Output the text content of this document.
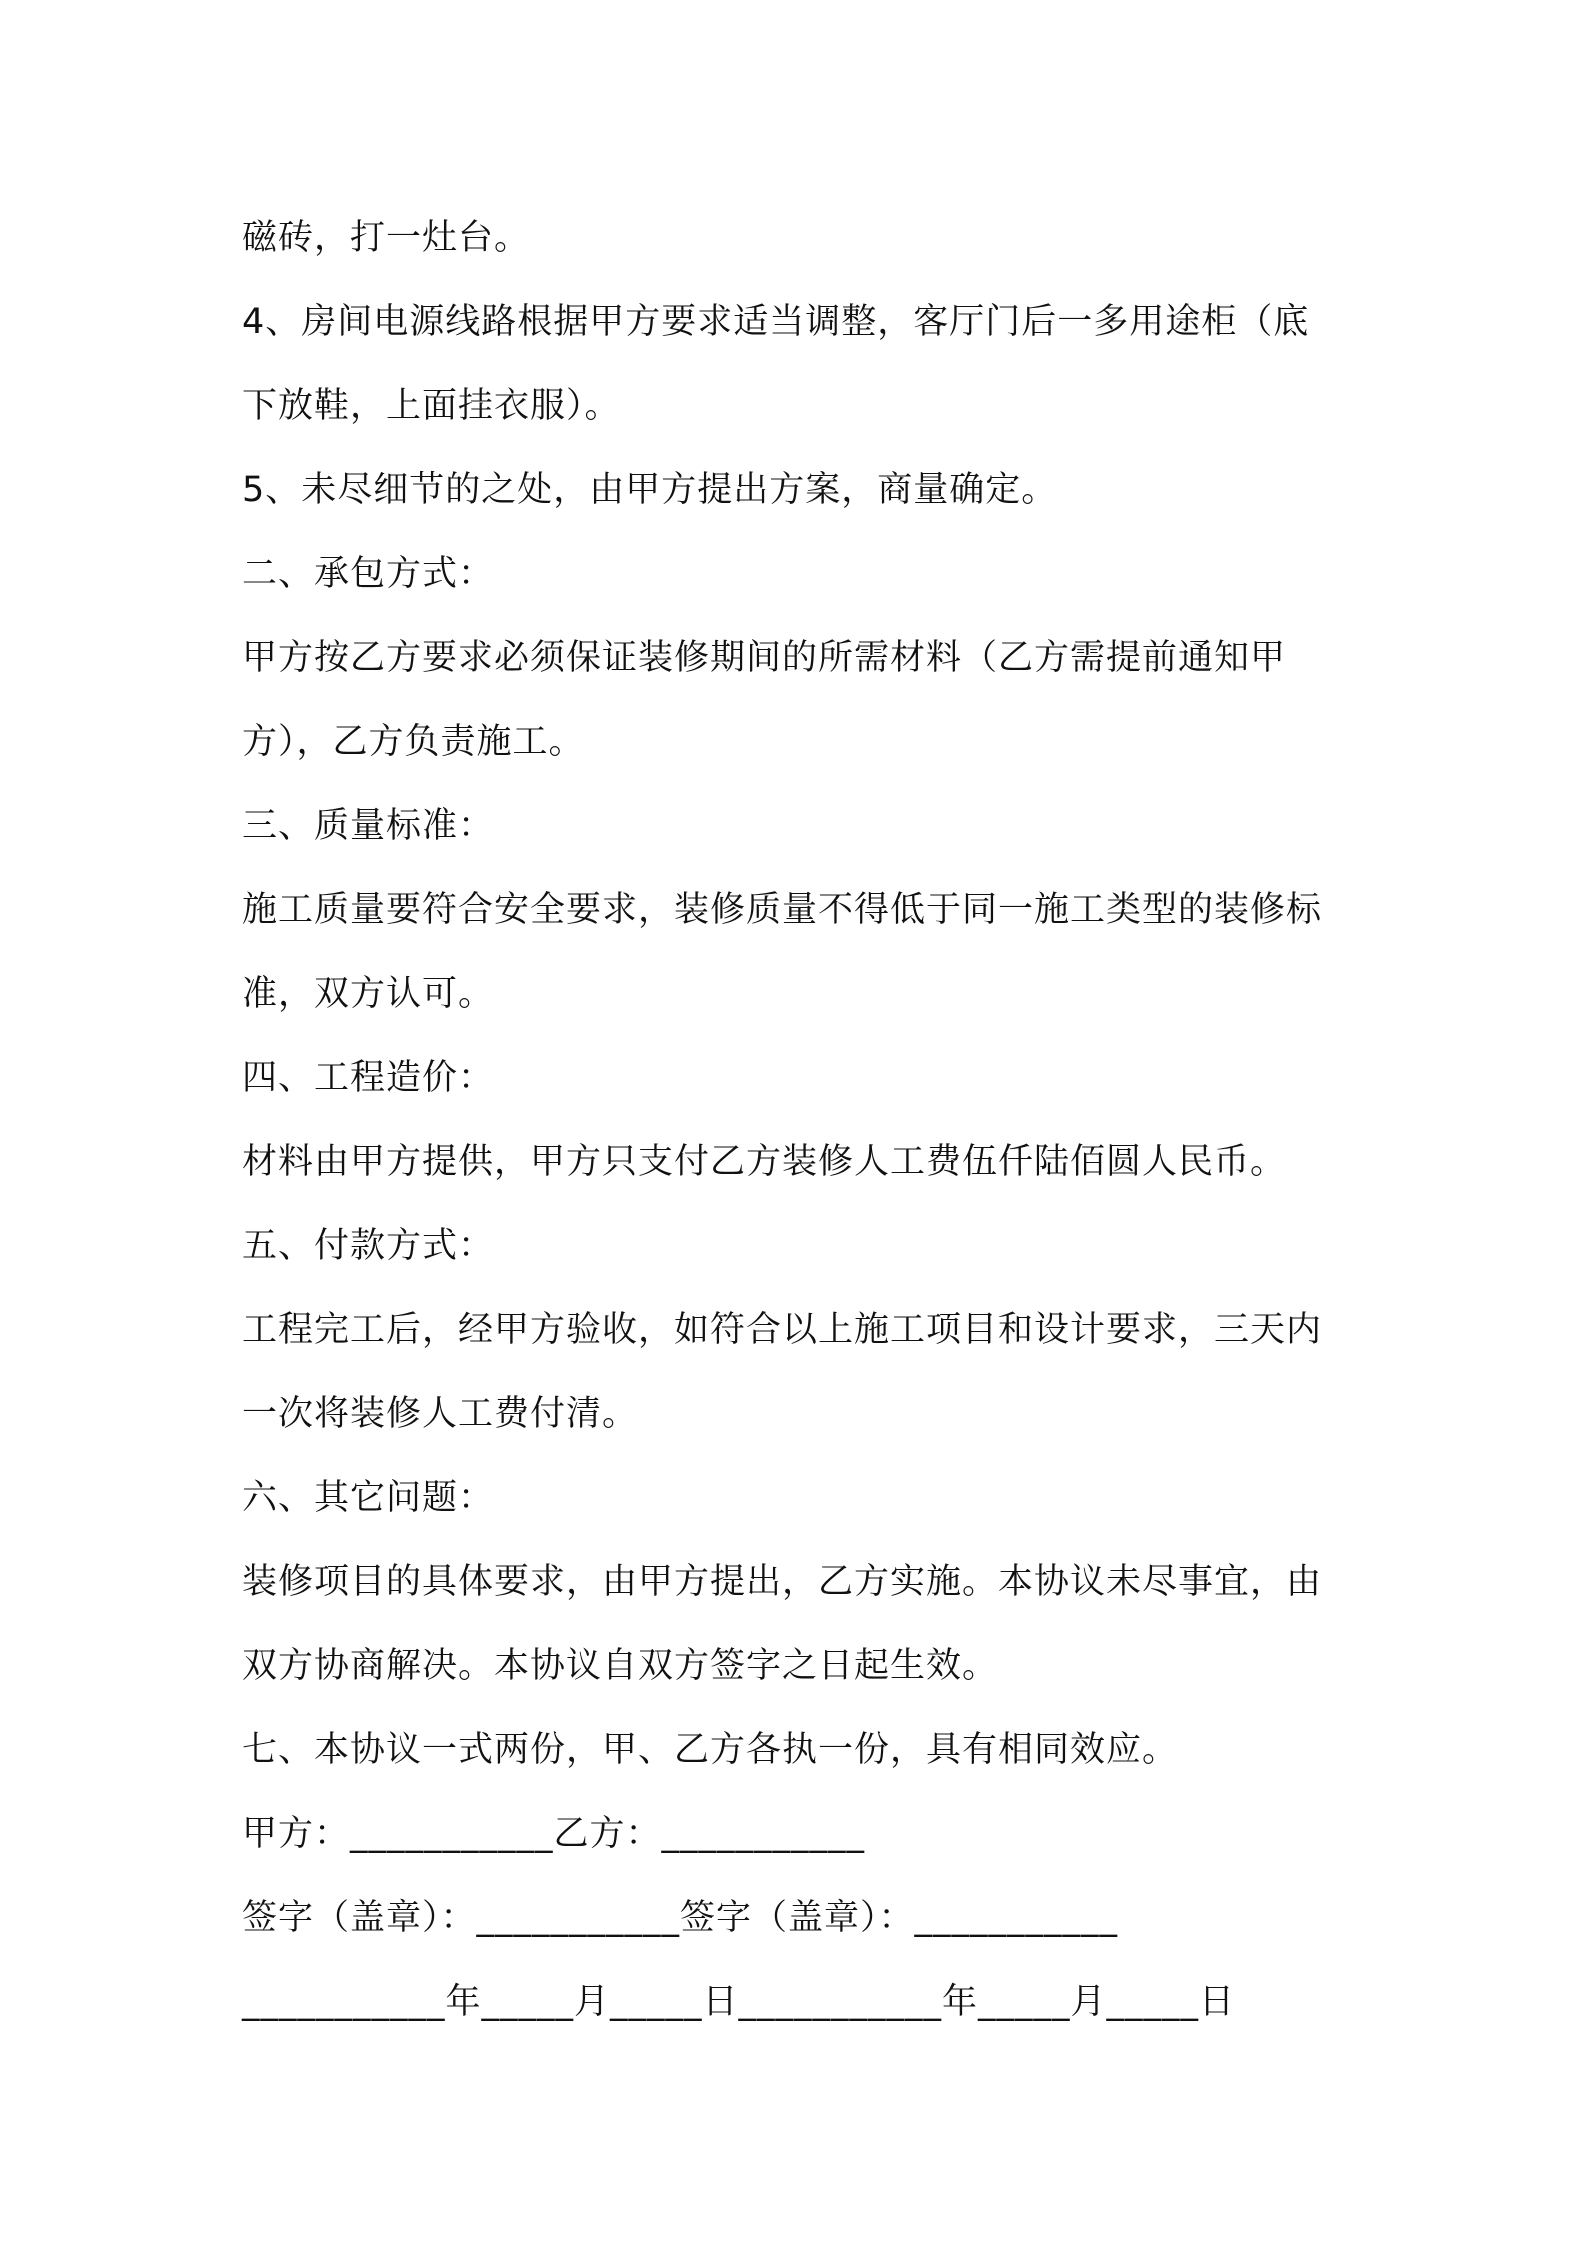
磁砖，打一灶台。
4、房间电源线路根据甲方要求适当调整，客厅门后一多用途柜（底
下放鞋，上面挂衣服）。
5、未尽细节的之处，由甲方提出方案，商量确定。
二、承包方式：
甲方按乙方要求必须保证装修期间的所需材料（乙方需提前通知甲
方），乙方负责施工。
三、质量标准：
施工质量要符合安全要求，装修质量不得低于同一施工类型的装修标
准，双方认可。
四、工程造价：
材料由甲方提供，甲方只支付乙方装修人工费伍仟陆佰圆人民币。
五、付款方式：
工程完工后，经甲方验收，如符合以上施工项目和设计要求，三天内
一次将装修人工费付清。
六、其它问题：
装修项目的具体要求，由甲方提出，乙方实施。本协议未尽事宜，由
双方协商解决。本协议自双方签字之日起生效。
七、本协议一式两份，甲、乙方各执一份，具有相同效应。
甲方：___________乙方：___________
签字（盖章）：___________签字（盖章）：___________
___________年_____月_____日___________年_____月_____日
